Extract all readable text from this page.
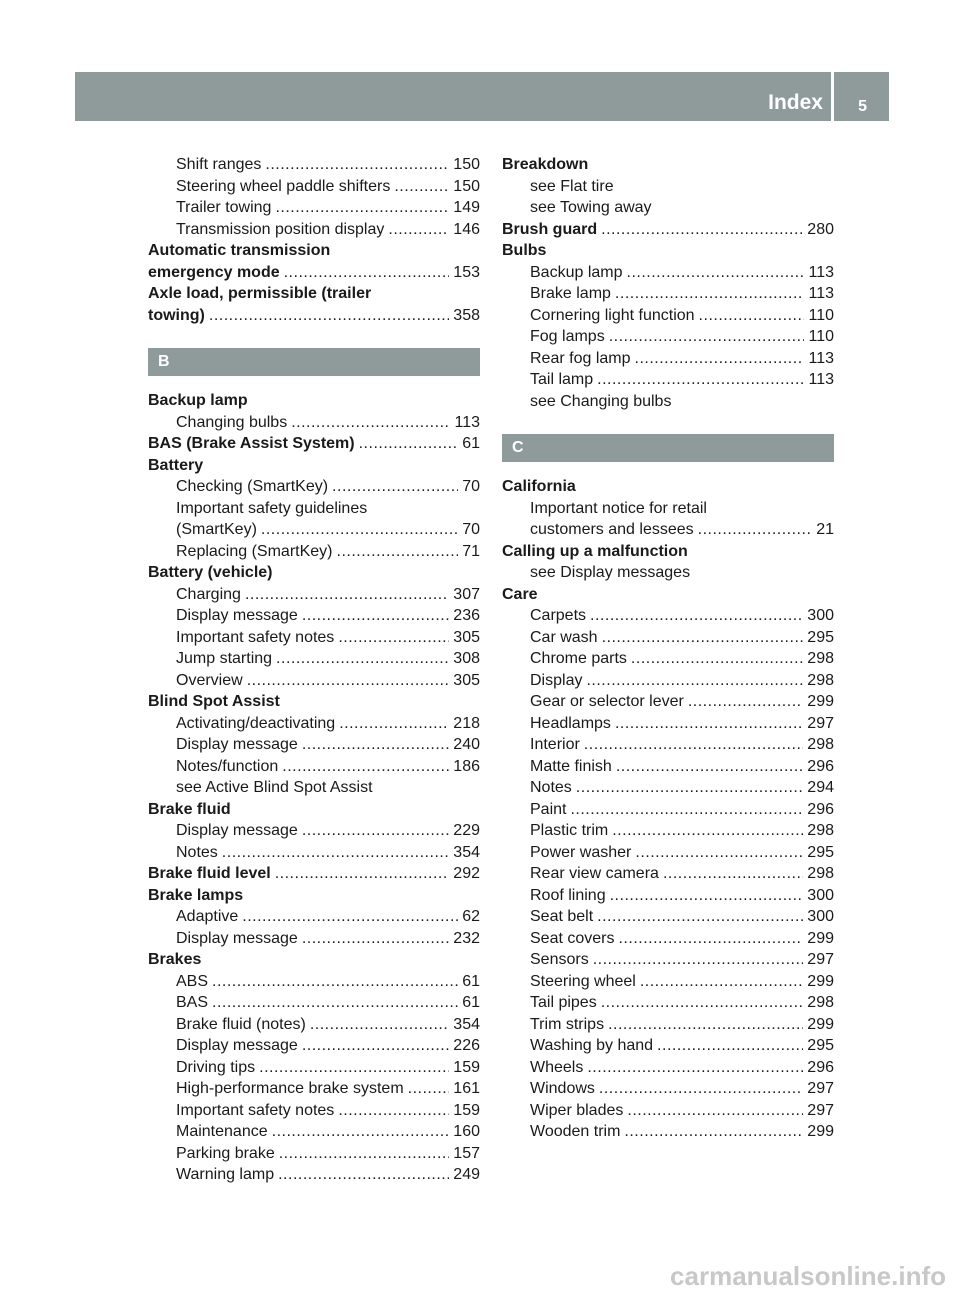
Index 5
Shift ranges .....	150
Steering wheel paddle shifters .....	150
Trailer towing .....	149
Transmission position display .....	146
Automatic transmission
emergency mode .....	153
Axle load, permissible (trailer
towing) .....	358
B
Backup lamp
Changing bulbs .....	113
BAS (Brake Assist System) .....	61
Battery
Checking (SmartKey) .....	70
Important safety guidelines
(SmartKey) .....	70
Replacing (SmartKey) .....	71
Battery (vehicle)
Charging .....	307
Display message .....	236
Important safety notes .....	305
Jump starting .....	308
Overview .....	305
Blind Spot Assist
Activating/deactivating .....	218
Display message .....	240
Notes/function .....	186
see Active Blind Spot Assist
Brake fluid
Display message .....	229
Notes .....	354
Brake fluid level .....	292
Brake lamps
Adaptive .....	62
Display message .....	232
Brakes
ABS .....	61
BAS .....	61
Brake fluid (notes) .....	354
Display message .....	226
Driving tips .....	159
High-performance brake system .....	161
Important safety notes .....	159
Maintenance .....	160
Parking brake .....	157
Warning lamp .....	249
Breakdown
see Flat tire
see Towing away
Brush guard .....	280
Bulbs
Backup lamp .....	113
Brake lamp .....	113
Cornering light function .....	110
Fog lamps .....	110
Rear fog lamp .....	113
Tail lamp .....	113
see Changing bulbs
C
California
Important notice for retail
customers and lessees .....	21
Calling up a malfunction
see Display messages
Care
Carpets .....	300
Car wash .....	295
Chrome parts .....	298
Display .....	298
Gear or selector lever .....	299
Headlamps .....	297
Interior .....	298
Matte finish .....	296
Notes .....	294
Paint .....	296
Plastic trim .....	298
Power washer .....	295
Rear view camera .....	298
Roof lining .....	300
Seat belt .....	300
Seat covers .....	299
Sensors .....	297
Steering wheel .....	299
Tail pipes .....	298
Trim strips .....	299
Washing by hand .....	295
Wheels .....	296
Windows .....	297
Wiper blades .....	297
Wooden trim .....	299
carmanualsonline.info
